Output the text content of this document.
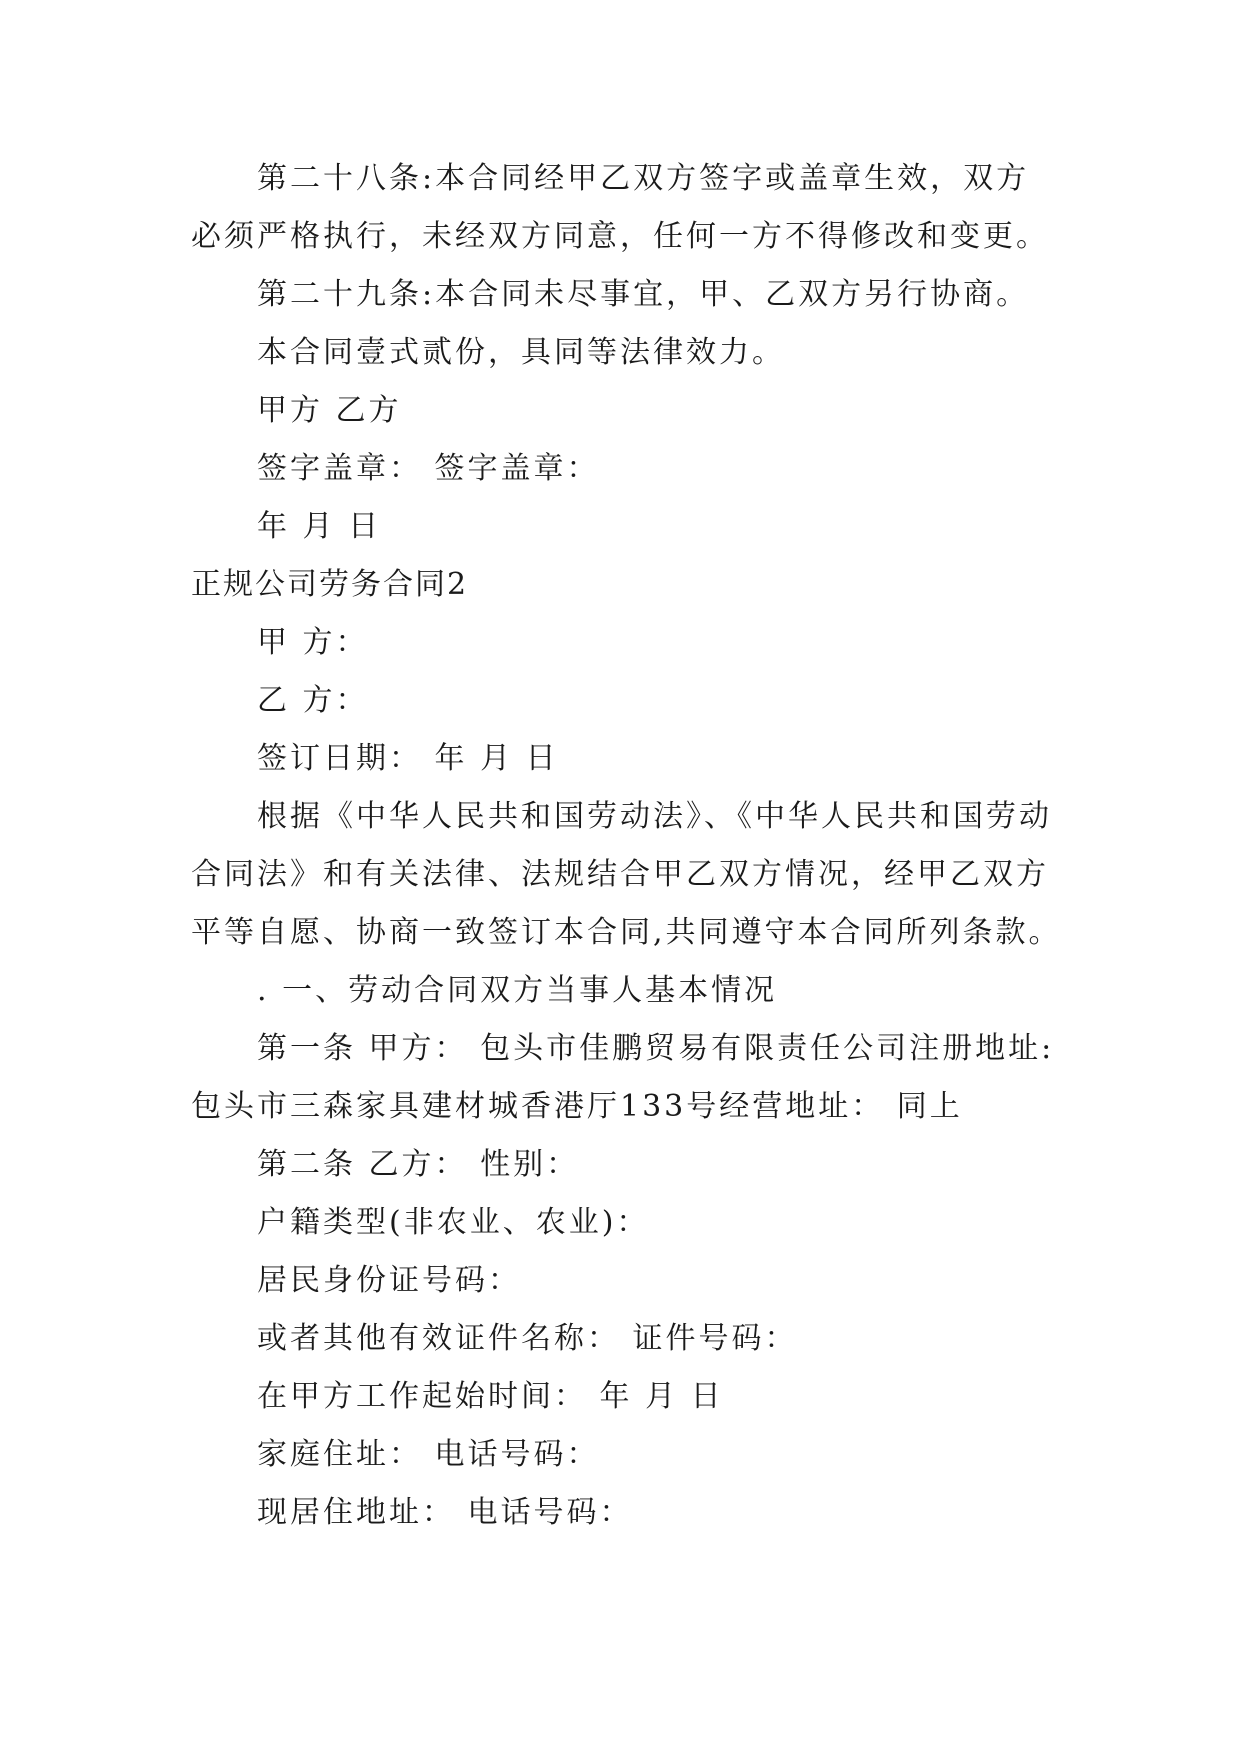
第二十八条:本合同经甲乙双方签字或盖章生效，双方
必须严格执行，未经双方同意，任何一方不得修改和变更。
第二十九条:本合同未尽事宜，甲、乙双方另行协商。
本合同壹式贰份，具同等法律效力。
甲方 乙方
签字盖章： 签字盖章：
年 月 日
正规公司劳务合同2
甲 方：
乙 方：
签订日期： 年 月 日
根据《中华人民共和国劳动法》、《中华人民共和国劳动
合同法》和有关法律、法规结合甲乙双方情况，经甲乙双方
平等自愿、协商一致签订本合同,共同遵守本合同所列条款。
. 一、劳动合同双方当事人基本情况
第一条 甲方： 包头市佳鹏贸易有限责任公司注册地址:
包头市三森家具建材城香港厅133号经营地址： 同上
第二条 乙方： 性别：
户籍类型(非农业、农业)：
居民身份证号码：
或者其他有效证件名称： 证件号码：
在甲方工作起始时间： 年 月 日
家庭住址： 电话号码：
现居住地址： 电话号码：
